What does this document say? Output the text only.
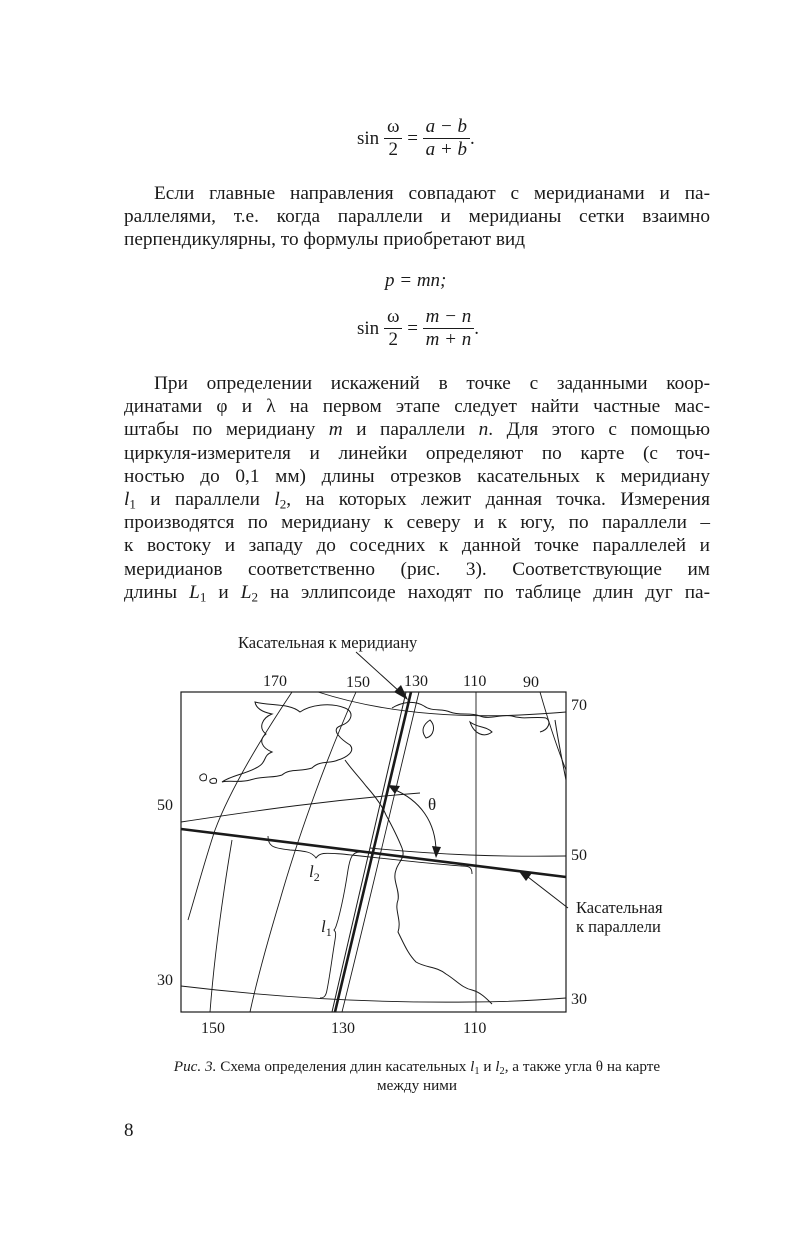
$\sin \frac{\omega}{2} = \frac{a - b}{a + b}$ .
Если главные направления совпадают с меридианами и па-
раллелями, т.е. когда параллели и меридианы сетки взаимно
перпендикулярны, то формулы приобретают вид
p = mn;
$\sin \frac{\omega}{2} = \frac{m - n}{m + n}$ .
При определении искажений в точке с заданными коор-
динатами φ и λ на первом этапе следует найти частные мас-
штабы по меридиану m и параллели n. Для этого с помощью
циркуля-измерителя и линейки определяют по карте (с точ-
ностью до 0,1 мм) длины отрезков касательных к меридиану
$l_1$ и параллели $l_2$, на которых лежит данная точка. Измерения
производятся по меридиану к северу и к югу, по параллели –
к востоку и западу до соседних к данной точке параллелей и
меридианов соответственно (рис. 3). Соответствующие им
длины $L_1$ и $L_2$ на эллипсоиде находят по таблице длин дуг па-
θ
Касательная к меридиану
Касательная
к параллели
170	150 130 110 90
150	130	110
50
30
70
50
30
$l_2$
$l_1$
Рис. 3. Схема определения длин касательных $l_1$ и $l_2$, а также угла θ на карте
между ними
8
